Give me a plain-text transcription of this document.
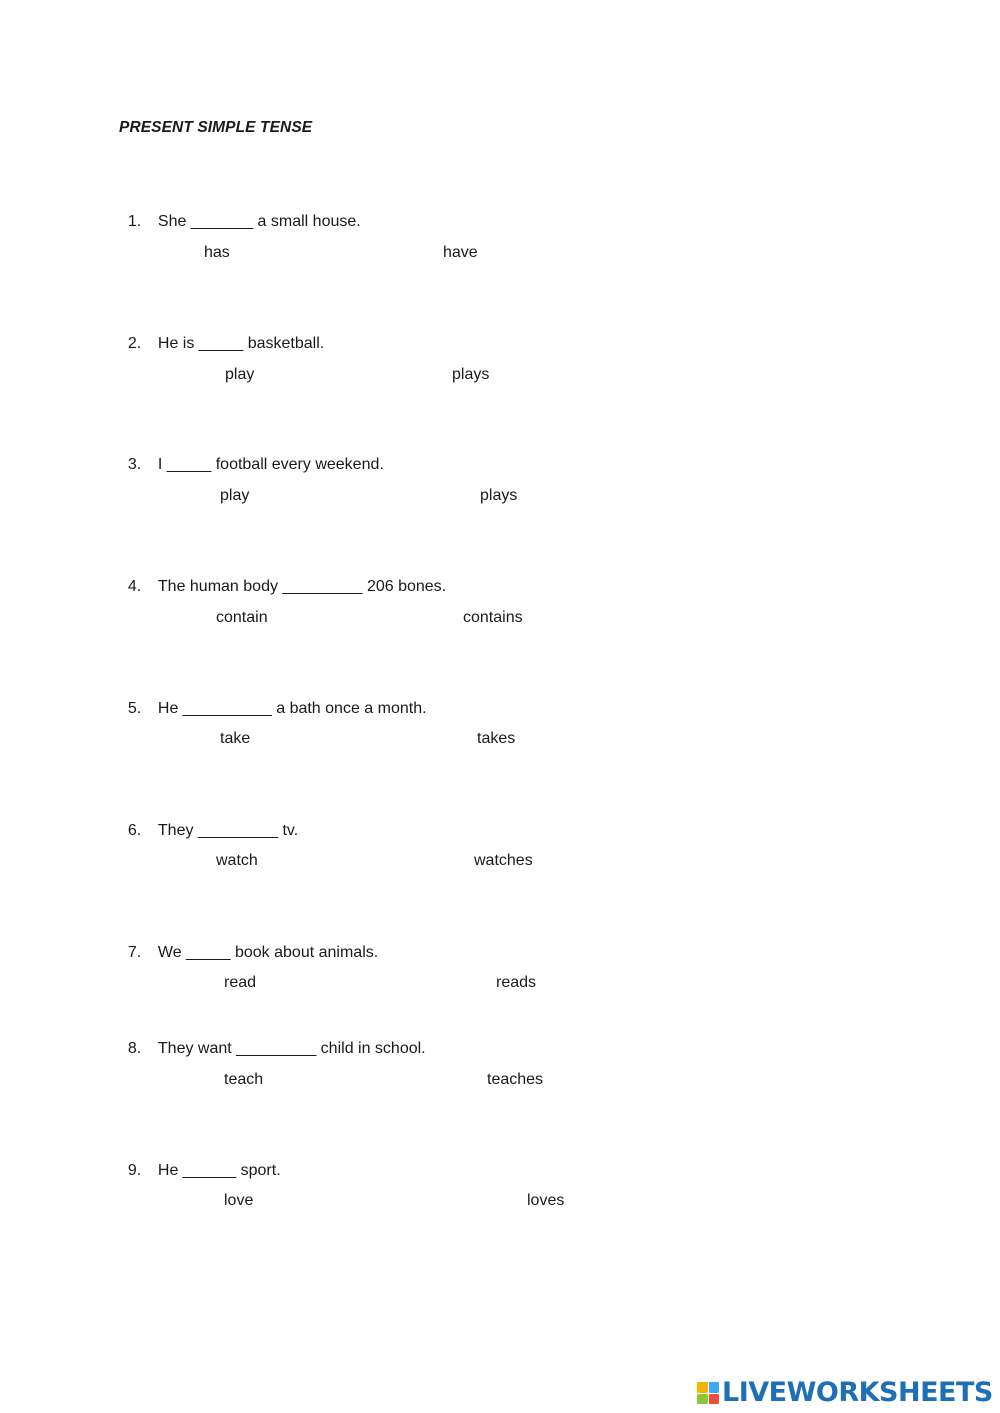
PRESENT SIMPLE TENSE

1. She _______ a small house.

has	have

2. He is _____ basketball.

play	plays

3. I _____ football every weekend.

play	plays

4. The human body _________ 206 bones.

contain	contains

5. He __________ a bath once a month.

take	takes

6. They _________ tv.

watch	watches

7. We _____ book about animals.

read	reads

8. They want _________ child in school.

teach	teaches

9. He ______ sport.

love	loves
LIVEWORKSHEETS
